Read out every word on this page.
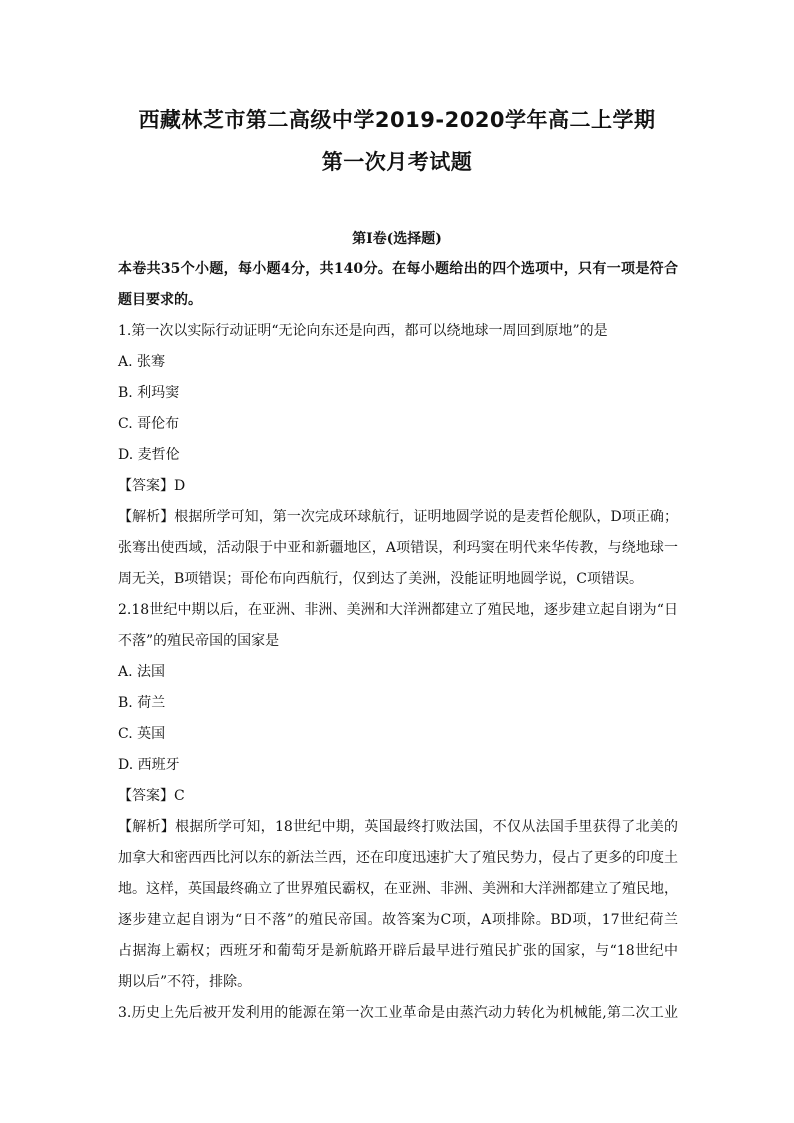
西藏林芝市第二高级中学2019-2020学年高二上学期
第一次月考试题
第Ⅰ卷(选择题)

本卷共35个小题，每小题4分，共140分。在每小题给出的四个选项中，只有一项是符合

题目要求的。

1.第一次以实际行动证明“无论向东还是向西，都可以绕地球一周回到原地”的是

A. 张骞

B. 利玛窦

C. 哥伦布

D. 麦哲伦

【答案】D

【解析】根据所学可知，第一次完成环球航行，证明地圆学说的是麦哲伦舰队，D项正确；

张骞出使西域，活动限于中亚和新疆地区，A项错误，利玛窦在明代来华传教，与绕地球一

周无关，B项错误；哥伦布向西航行，仅到达了美洲，没能证明地圆学说，C项错误。

2.18世纪中期以后，在亚洲、非洲、美洲和大洋洲都建立了殖民地，逐步建立起自诩为“日

不落”的殖民帝国的国家是

A. 法国

B. 荷兰

C. 英国

D. 西班牙

【答案】C

【解析】根据所学可知，18世纪中期，英国最终打败法国，不仅从法国手里获得了北美的

加拿大和密西西比河以东的新法兰西，还在印度迅速扩大了殖民势力，侵占了更多的印度土

地。这样，英国最终确立了世界殖民霸权，在亚洲、非洲、美洲和大洋洲都建立了殖民地，

逐步建立起自诩为“日不落”的殖民帝国。故答案为C项，A项排除。BD项，17世纪荷兰

占据海上霸权；西班牙和葡萄牙是新航路开辟后最早进行殖民扩张的国家，与“18世纪中

期以后”不符，排除。

3.历史上先后被开发利用的能源在第一次工业革命是由蒸汽动力转化为机械能,第二次工业
